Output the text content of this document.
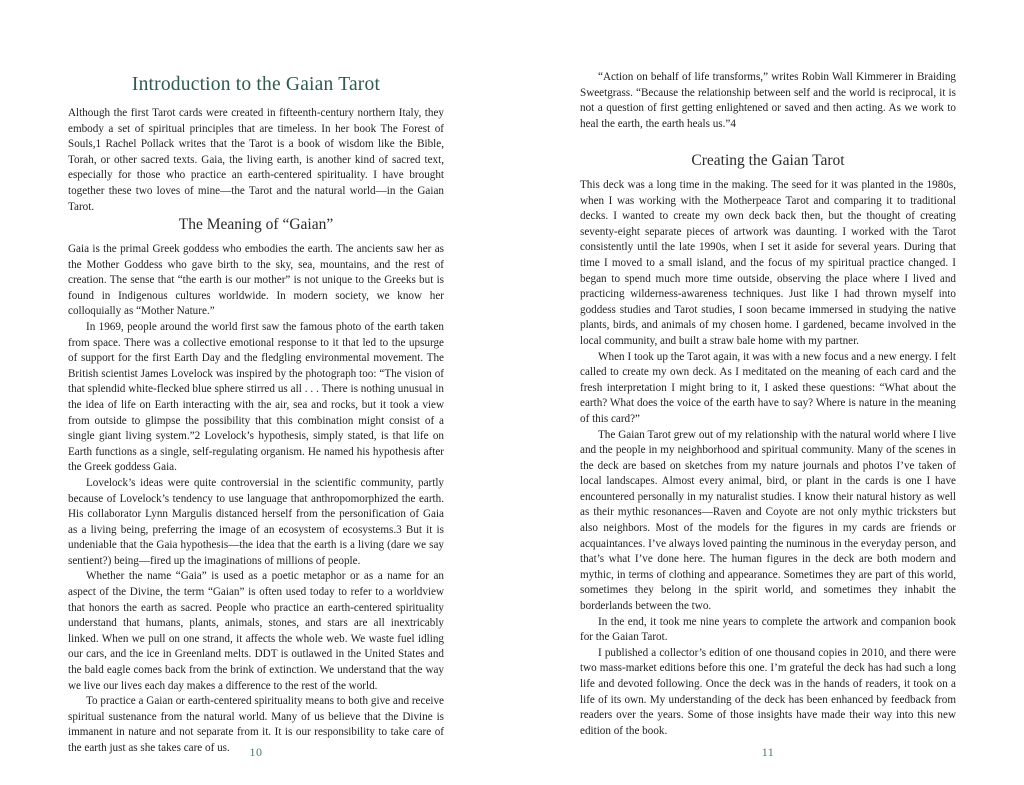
Introduction to the Gaian Tarot

Although the first Tarot cards were created in fifteenth-century northern Italy, they embody a set of spiritual principles that are timeless. In her book The Forest of Souls,1 Rachel Pollack writes that the Tarot is a book of wisdom like the Bible, Torah, or other sacred texts. Gaia, the living earth, is another kind of sacred text, especially for those who practice an earth-centered spirituality. I have brought together these two loves of mine—the Tarot and the natural world—in the Gaian Tarot.

The Meaning of “Gaian”

Gaia is the primal Greek goddess who embodies the earth. The ancients saw her as the Mother Goddess who gave birth to the sky, sea, mountains, and the rest of creation. The sense that “the earth is our mother” is not unique to the Greeks but is found in Indigenous cultures worldwide. In modern society, we know her colloquially as “Mother Nature.”

In 1969, people around the world first saw the famous photo of the earth taken from space. There was a collective emotional response to it that led to the upsurge of support for the first Earth Day and the fledgling environmental movement. The British scientist James Lovelock was inspired by the photograph too: “The vision of that splendid white-flecked blue sphere stirred us all . . . There is nothing unusual in the idea of life on Earth interacting with the air, sea and rocks, but it took a view from outside to glimpse the possibility that this combination might consist of a single giant living system.”2 Lovelock’s hypothesis, simply stated, is that life on Earth functions as a single, self-regulating organism. He named his hypothesis after the Greek goddess Gaia.

Lovelock’s ideas were quite controversial in the scientific community, partly because of Lovelock’s tendency to use language that anthropomorphized the earth. His collaborator Lynn Margulis distanced herself from the personification of Gaia as a living being, preferring the image of an ecosystem of ecosystems.3 But it is undeniable that the Gaia hypothesis—the idea that the earth is a living (dare we say sentient?) being—fired up the imaginations of millions of people.

Whether the name “Gaia” is used as a poetic metaphor or as a name for an aspect of the Divine, the term “Gaian” is often used today to refer to a worldview that honors the earth as sacred. People who practice an earth-centered spirituality understand that humans, plants, animals, stones, and stars are all inextricably linked. When we pull on one strand, it affects the whole web. We waste fuel idling our cars, and the ice in Greenland melts. DDT is outlawed in the United States and the bald eagle comes back from the brink of extinction. We understand that the way we live our lives each day makes a difference to the rest of the world.

To practice a Gaian or earth-centered spirituality means to both give and receive spiritual sustenance from the natural world. Many of us believe that the Divine is immanent in nature and not separate from it. It is our responsibility to take care of the earth just as she takes care of us.	10

“Action on behalf of life transforms,” writes Robin Wall Kimmerer in Braiding Sweetgrass. “Because the relationship between self and the world is reciprocal, it is not a question of first getting enlightened or saved and then acting. As we work to heal the earth, the earth heals us.”4

Creating the Gaian Tarot

This deck was a long time in the making. The seed for it was planted in the 1980s, when I was working with the Motherpeace Tarot and comparing it to traditional decks. I wanted to create my own deck back then, but the thought of creating seventy-eight separate pieces of artwork was daunting. I worked with the Tarot consistently until the late 1990s, when I set it aside for several years. During that time I moved to a small island, and the focus of my spiritual practice changed. I began to spend much more time outside, observing the place where I lived and practicing wilderness-awareness techniques. Just like I had thrown myself into goddess studies and Tarot studies, I soon became immersed in studying the native plants, birds, and animals of my chosen home. I gardened, became involved in the local community, and built a straw bale home with my partner.

When I took up the Tarot again, it was with a new focus and a new energy. I felt called to create my own deck. As I meditated on the meaning of each card and the fresh interpretation I might bring to it, I asked these questions: “What about the earth? What does the voice of the earth have to say? Where is nature in the meaning of this card?”

The Gaian Tarot grew out of my relationship with the natural world where I live and the people in my neighborhood and spiritual community. Many of the scenes in the deck are based on sketches from my nature journals and photos I’ve taken of local landscapes. Almost every animal, bird, or plant in the cards is one I have encountered personally in my naturalist studies. I know their natural history as well as their mythic resonances—Raven and Coyote are not only mythic tricksters but also neighbors. Most of the models for the figures in my cards are friends or acquaintances. I’ve always loved painting the numinous in the everyday person, and that’s what I’ve done here. The human figures in the deck are both modern and mythic, in terms of clothing and appearance. Sometimes they are part of this world, sometimes they belong in the spirit world, and sometimes they inhabit the borderlands between the two.

In the end, it took me nine years to complete the artwork and companion book for the Gaian Tarot.

I published a collector’s edition of one thousand copies in 2010, and there were two mass-market editions before this one. I’m grateful the deck has had such a long life and devoted following. Once the deck was in the hands of readers, it took on a life of its own. My understanding of the deck has been enhanced by feedback from readers over the years. Some of those insights have made their way into this new edition of the book.

11
